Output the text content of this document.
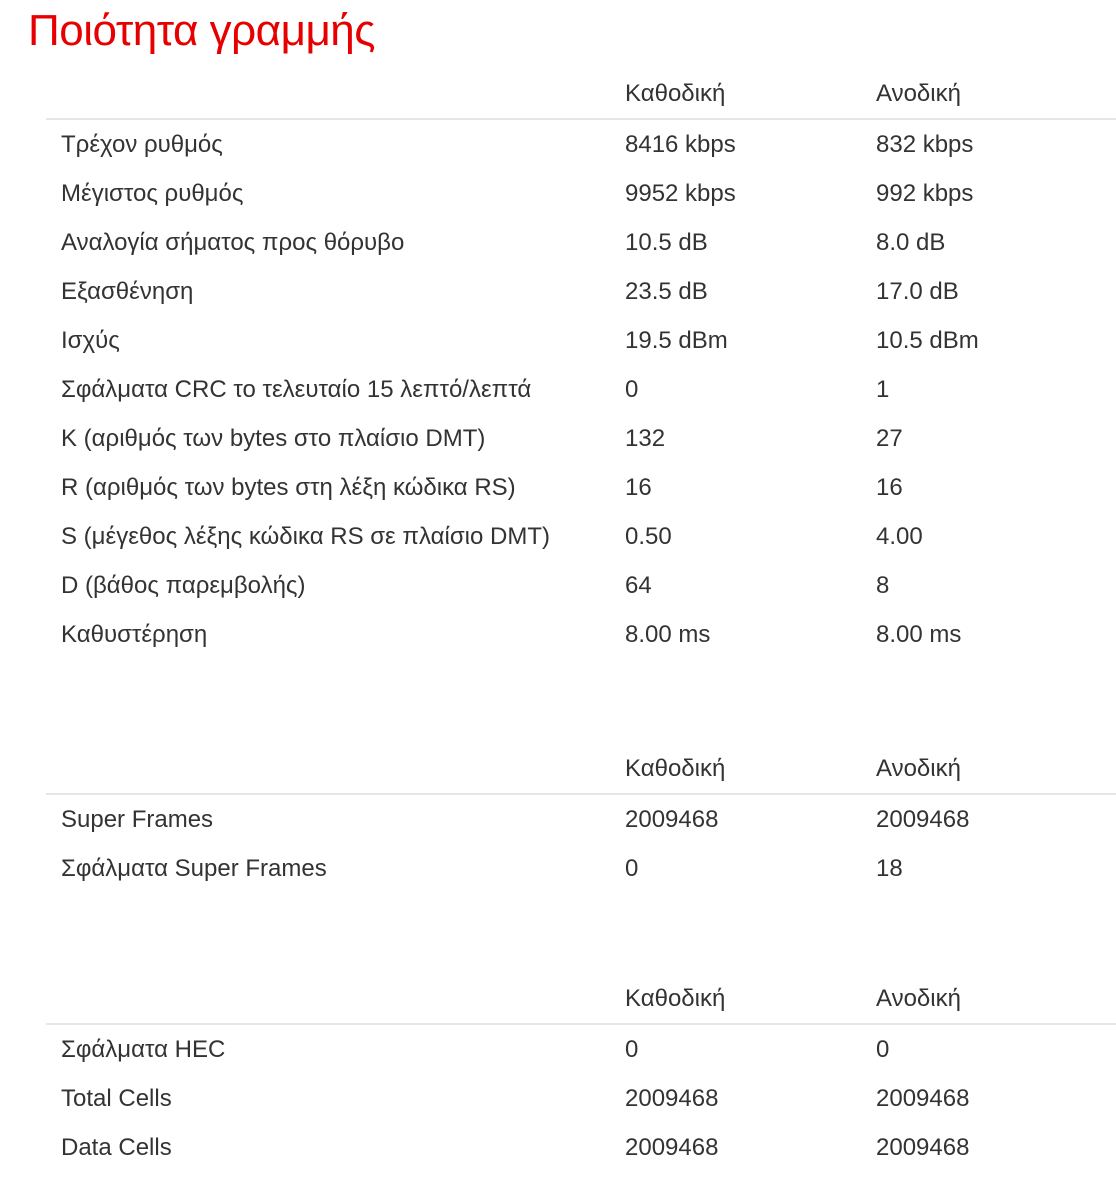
Ποιότητα γραμμής
	Καθοδική	Ανοδική
Τρέχον ρυθμός	8416 kbps	832 kbps
Μέγιστος ρυθμός	9952 kbps	992 kbps
Αναλογία σήματος προς θόρυβο	10.5 dB	8.0 dB
Εξασθένηση	23.5 dB	17.0 dB
Ισχύς	19.5 dBm	10.5 dBm
Σφάλματα CRC το τελευταίο 15 λεπτό/λεπτά	0	1
K (αριθμός των bytes στο πλαίσιο DMT)	132	27
R (αριθμός των bytes στη λέξη κώδικα RS)	16	16
S (μέγεθος λέξης κώδικα RS σε πλαίσιο DMT)	0.50	4.00
D (βάθος παρεμβολής)	64	8
Καθυστέρηση	8.00 ms	8.00 ms
	Καθοδική	Ανοδική
Super Frames	2009468	2009468
Σφάλματα Super Frames	0	18
	Καθοδική	Ανοδική
Σφάλματα HEC	0	0
Total Cells	2009468	2009468
Data Cells	2009468	2009468
